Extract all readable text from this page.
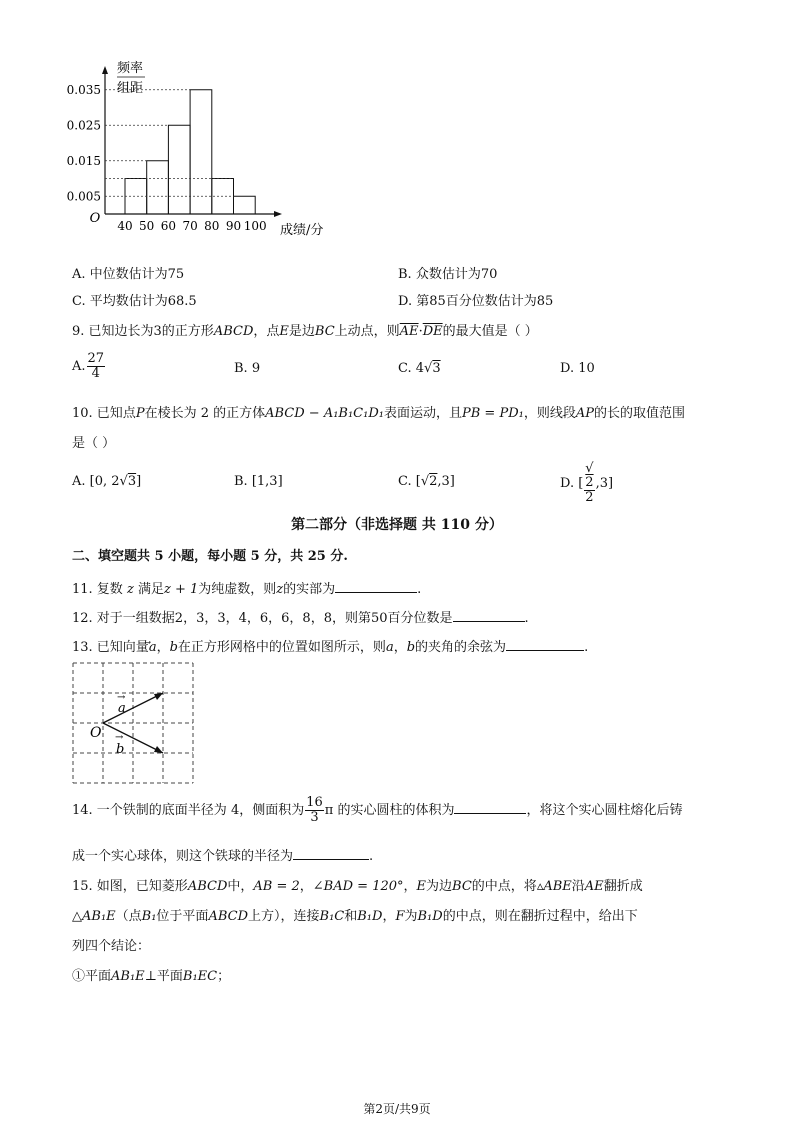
0.035
0.025
0.015
0.005
40 50 60 70 80 90 100
O
成绩/分
频率
组距
A. 中位数估计为75	B. 众数估计为70
C. 平均数估计为68.5	D. 第85百分位数估计为85
9. 已知边长为3的正方形ABCD，点E是边BC上动点，则$\overline{AE}\cdot\overline{DE}$的最大值是（ ）
A. $\frac{27}{4}$	B. 9	C. 4√3	D. 10
10. 已知点P在棱长为 2 的正方体ABCD − A₁B₁C₁D₁表面运动，且PB = PD₁，则线段AP的长的取值范围
是（ ）
A. [0, 2√3]	B. [1,3]	C. [√2,3]	D. [ √
2
2 ,3]
第二部分（非选择题 共 110 分）
二、填空题共 5 小题，每小题 5 分，共 25 分.
11. 复数 z 满足z + 1为纯虚数，则z的实部为	.
12. 对于一组数据2，3，3，4，6，6，8，8，则第50百分位数是	.
13. 已知向量a，b在正方形网格中的位置如图所示，则a，b的夹角的余弦为	.
O
a
→
b
→
14. 一个铁制的底面半径为 4，侧面积为 $\frac{16}{3}$ π 的实心圆柱的体积为	，将这个实心圆柱熔化后铸
成一个实心球体，则这个铁球的半径为	.
15. 如图，已知菱形ABCD中，AB = 2，∠BAD = 120°，E为边BC的中点，将▵ABE沿AE翻折成
△AB₁E（点B₁位于平面ABCD上方），连接B₁C和B₁D，F为B₁D的中点，则在翻折过程中，给出下
列四个结论：
①平面AB₁E⊥平面B₁EC；
第2页/共9页
